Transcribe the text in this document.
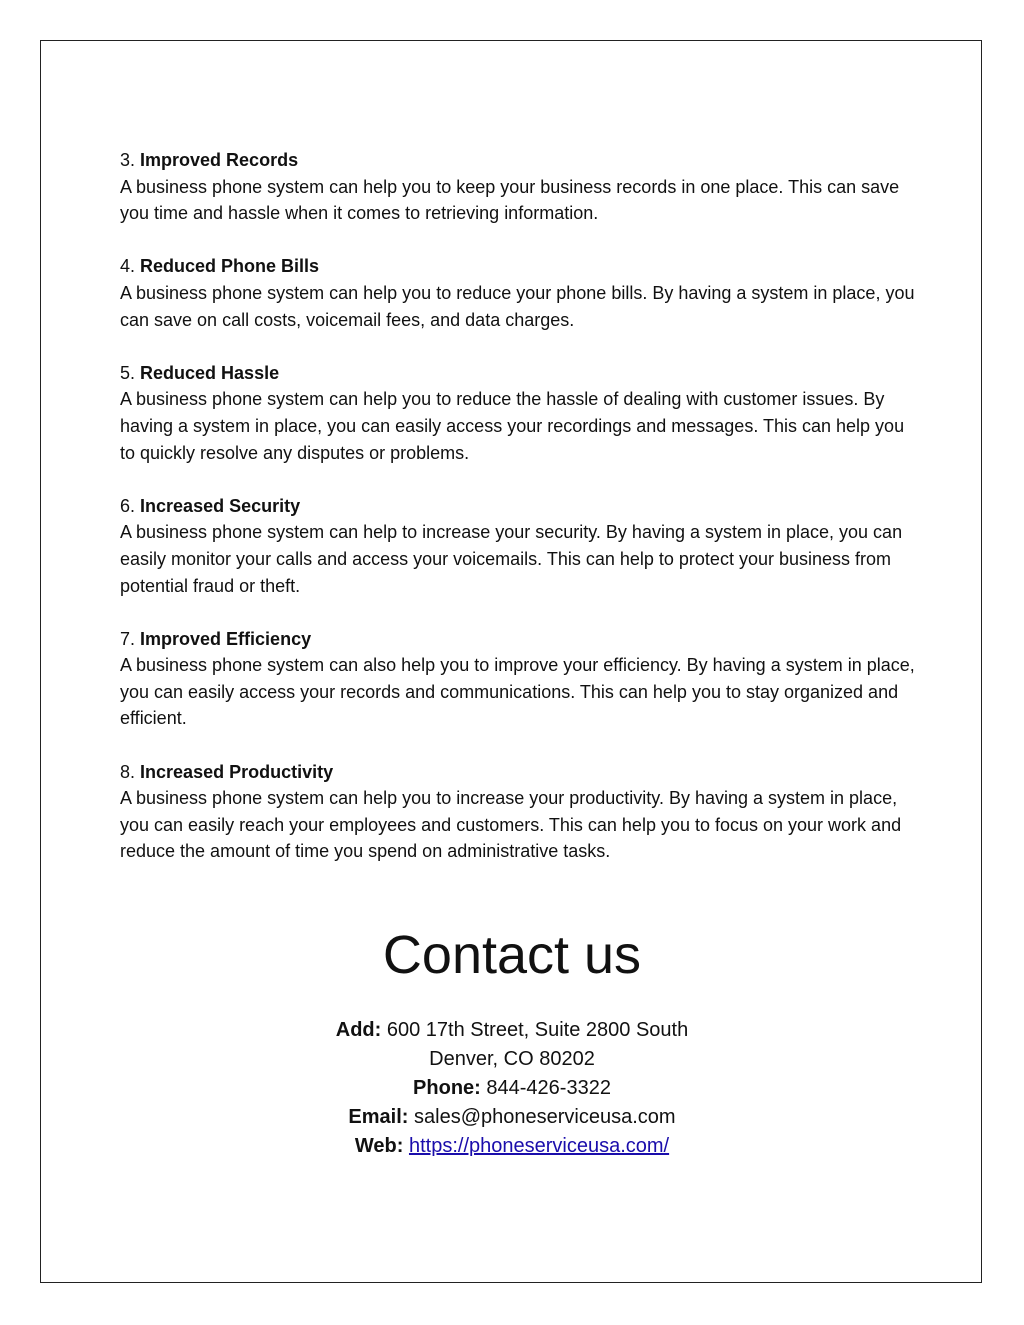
3. Improved Records
A business phone system can help you to keep your business records in one place. This can save you time and hassle when it comes to retrieving information.
4. Reduced Phone Bills
A business phone system can help you to reduce your phone bills. By having a system in place, you can save on call costs, voicemail fees, and data charges.
5. Reduced Hassle
A business phone system can help you to reduce the hassle of dealing with customer issues. By having a system in place, you can easily access your recordings and messages. This can help you to quickly resolve any disputes or problems.
6. Increased Security
A business phone system can help to increase your security. By having a system in place, you can easily monitor your calls and access your voicemails. This can help to protect your business from potential fraud or theft.
7. Improved Efficiency
A business phone system can also help you to improve your efficiency. By having a system in place, you can easily access your records and communications. This can help you to stay organized and efficient.
8. Increased Productivity
A business phone system can help you to increase your productivity. By having a system in place, you can easily reach your employees and customers. This can help you to focus on your work and reduce the amount of time you spend on administrative tasks.
Contact us
Add: 600 17th Street, Suite 2800 South
Denver, CO 80202
Phone: 844-426-3322
Email: sales@phoneserviceusa.com
Web: https://phoneserviceusa.com/
